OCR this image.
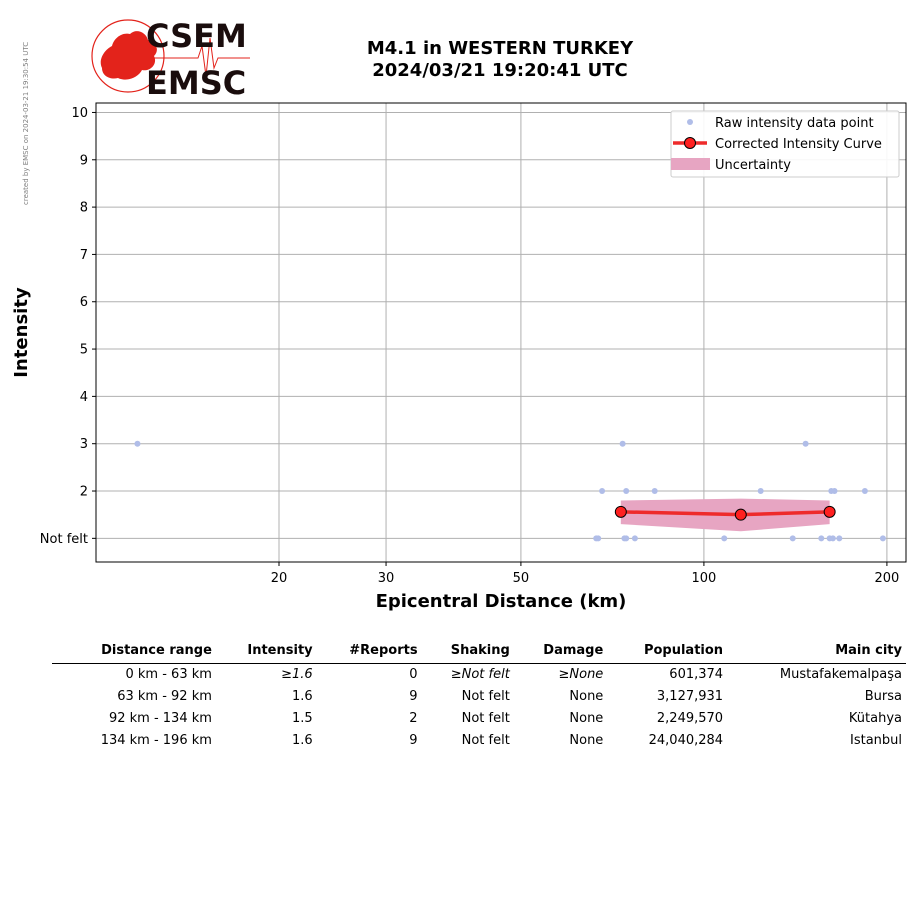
created by EMSC on 2024-03-21 19:30:54 UTC
CSEM
EMSC
M4.1 in WESTERN TURKEY
2024/03/21 19:20:41 UTC
20	30	50	100	200
Not felt
2
3
4
5
6
7
8
9
10
Epicentral Distance (km)
Intensity
Raw intensity data point
Corrected Intensity Curve
Uncertainty
Distance range	Intensity	#Reports	Shaking	Damage	Population	Main city
0 km - 63 km	≥1.6	0	≥Not felt	≥None	601,374	Mustafakemalpaşa
63 km - 92 km	1.6	9	Not felt	None	3,127,931	Bursa
92 km - 134 km	1.5	2	Not felt	None	2,249,570	Kütahya
134 km - 196 km	1.6	9	Not felt	None	24,040,284	Istanbul
